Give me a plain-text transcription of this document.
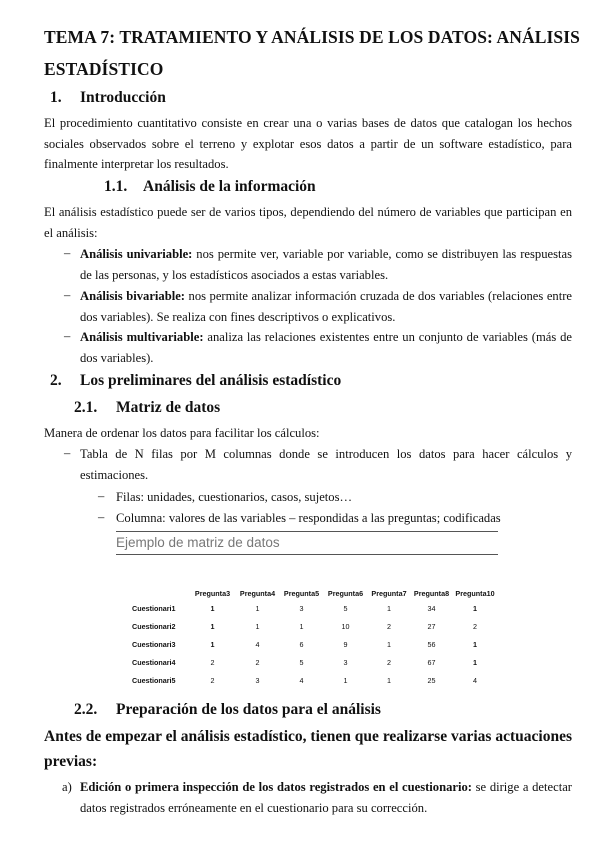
TEMA 7: TRATAMIENTO Y ANÁLISIS DE LOS DATOS: ANÁLISIS
ESTADÍSTICO
1. Introducción
El procedimiento cuantitativo consiste en crear una o varias bases de datos que catalogan los hechos sociales observados sobre el terreno y explotar esos datos a partir de un software estadístico, para finalmente interpretar los resultados.
1.1. Análisis de la información
El análisis estadístico puede ser de varios tipos, dependiendo del número de variables que participan en el análisis:
– Análisis univariable: nos permite ver, variable por variable, como se distribuyen las respuestas de las personas, y los estadísticos asociados a estas variables.
– Análisis bivariable: nos permite analizar información cruzada de dos variables (relaciones entre dos variables). Se realiza con fines descriptivos o explicativos.
– Análisis multivariable: analiza las relaciones existentes entre un conjunto de variables (más de dos variables).
2. Los preliminares del análisis estadístico
2.1. Matriz de datos
Manera de ordenar los datos para facilitar los cálculos:
– Tabla de N filas por M columnas donde se introducen los datos para hacer cálculos y estimaciones.
– Filas: unidades, cuestionarios, casos, sujetos…
– Columna: valores de las variables – respondidas a las preguntas; codificadas
Ejemplo de matriz de datos
	Pregunta3	Pregunta4	Pregunta5	Pregunta6	Pregunta7	Pregunta8	Pregunta10
Cuestionari1	1	1	3	5	1	34	1
Cuestionari2	1	1	1	10	2	27	2
Cuestionari3	1	4	6	9	1	56	1
Cuestionari4	2	2	5	3	2	67	1
Cuestionari5	2	3	4	1	1	25	4
2.2. Preparación de los datos para el análisis
Antes de empezar el análisis estadístico, tienen que realizarse varias actuaciones previas:
a) Edición o primera inspección de los datos registrados en el cuestionario: se dirige a detectar datos registrados erróneamente en el cuestionario para su corrección.
